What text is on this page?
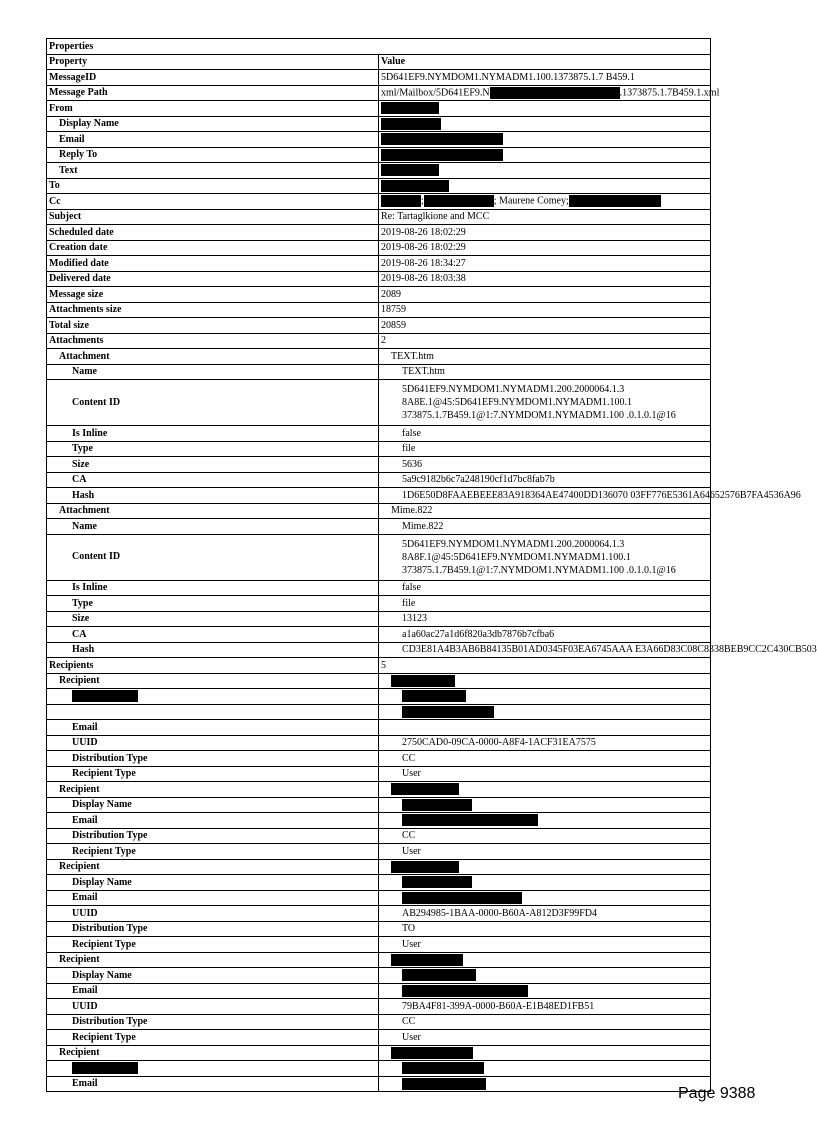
Properties	
Property	Value
MessageID	5D641EF9.NYMDOM1.NYMADM1.100.1373875.1.7 B459.1
Message Path	xml/Mailbox/5D641EF9.N .1373875.1.7B459.1.xml
From	
Display Name	
Email	
Reply To	
Text	
To	
Cc	; ; Maurene Comey;
Subject	Re: Tartaglkione and MCC
Scheduled date	2019-08-26 18:02:29
Creation date	2019-08-26 18:02:29
Modified date	2019-08-26 18:34:27
Delivered date	2019-08-26 18:03:38
Message size	2089
Attachments size	18759
Total size	20859
Attachments	2
Attachment	TEXT.htm
Name	TEXT.htm
Content ID	5D641EF9.NYMDOM1.NYMADM1.200.2000064.1.3
8A8E.1@45:5D641EF9.NYMDOM1.NYMADM1.100.1
373875.1.7B459.1@1:7.NYMDOM1.NYMADM1.100 .0.1.0.1@16

Is Inline	false
Type	file
Size	5636
CA	5a9c9182b6c7a248190cf1d7bc8fab7b
Hash	1D6E50D8FAAEBEEE83A918364AE47400DD136070 03FF776E5361A64652576B7FA4536A96
Attachment	Mime.822
Name	Mime.822
Content ID	5D641EF9.NYMDOM1.NYMADM1.200.2000064.1.3
8A8F.1@45:5D641EF9.NYMDOM1.NYMADM1.100.1
373875.1.7B459.1@1:7.NYMDOM1.NYMADM1.100 .0.1.0.1@16

Is Inline	false
Type	file
Size	13123
CA	a1a60ac27a1d6f820a3db7876b7cfba6
Hash	CD3E81A4B3AB6B84135B01AD0345F03EA6745AAA E3A66D83C08C8338BEB9CC2C430CB503
Recipients	5
Recipient	

Email	
UUID	2750CAD0-09CA-0000-A8F4-1ACF31EA7575
Distribution Type	CC
Recipient Type	User
Recipient	
Display Name	
Email	
Distribution Type	CC
Recipient Type	User
Recipient	
Display Name	
Email	
UUID	AB294985-1BAA-0000-B60A-A812D3F99FD4
Distribution Type	TO
Recipient Type	User
Recipient	
Display Name	
Email	
UUID	79BA4F81-399A-0000-B60A-E1B48ED1FB51
Distribution Type	CC
Recipient Type	User
Recipient	

Email	
Page 9388
